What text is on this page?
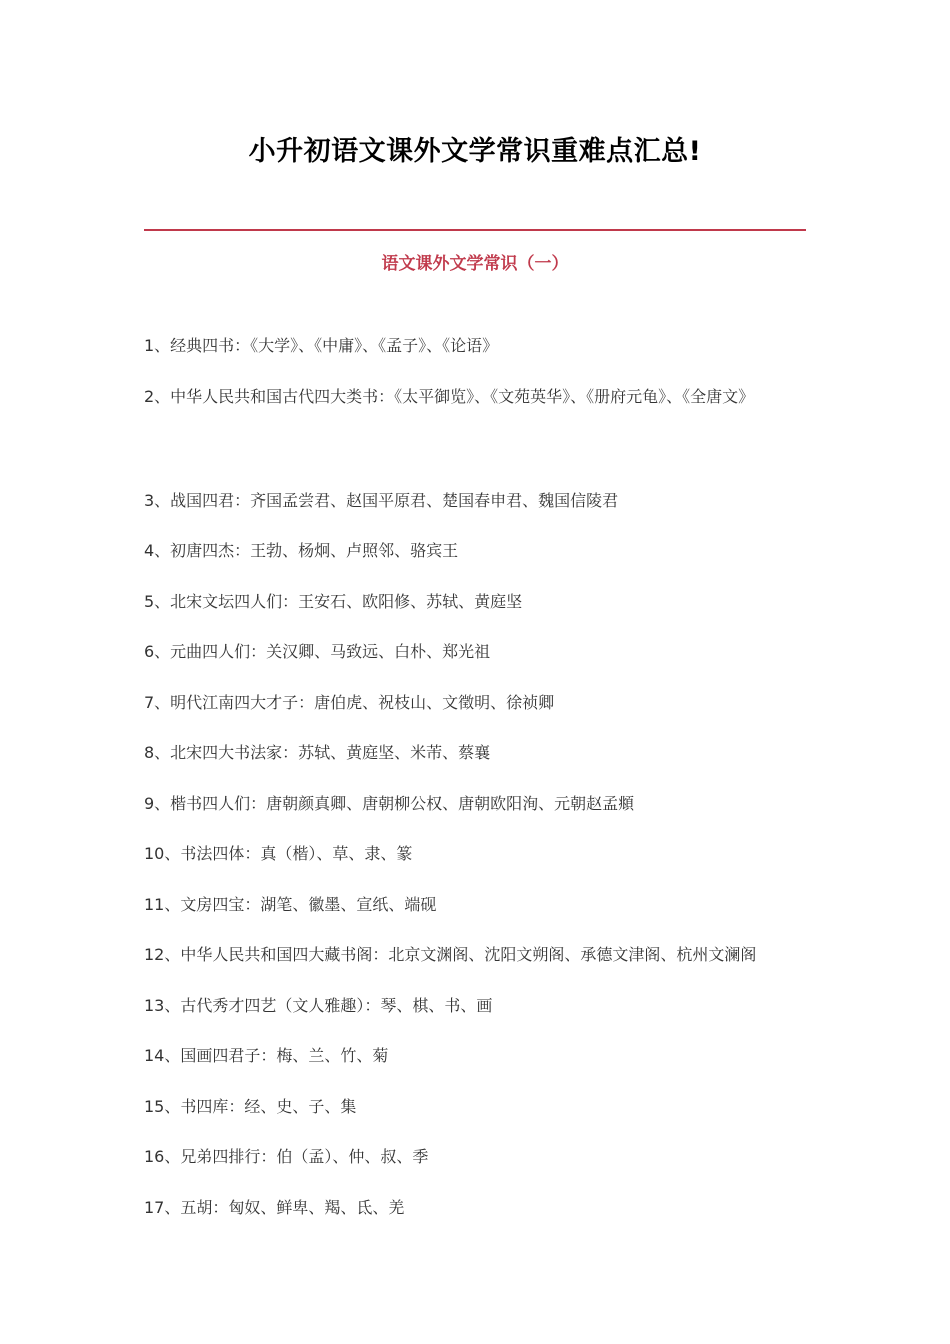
小升初语文课外文学常识重难点汇总!
语文课外文学常识（一）
1、经典四书：《大学》、《中庸》、《孟子》、《论语》
2、中华人民共和国古代四大类书：《太平御览》、《文苑英华》、《册府元龟》、《全唐文》
3、战国四君：齐国孟尝君、赵国平原君、楚国春申君、魏国信陵君
4、初唐四杰：王勃、杨炯、卢照邻、骆宾王
5、北宋文坛四人们：王安石、欧阳修、苏轼、黄庭坚
6、元曲四人们：关汉卿、马致远、白朴、郑光祖
7、明代江南四大才子：唐伯虎、祝枝山、文徵明、徐祯卿
8、北宋四大书法家：苏轼、黄庭坚、米芾、蔡襄
9、楷书四人们：唐朝颜真卿、唐朝柳公权、唐朝欧阳洵、元朝赵孟頫
10、书法四体：真（楷）、草、隶、篆
11、文房四宝：湖笔、徽墨、宣纸、端砚
12、中华人民共和国四大藏书阁：北京文渊阁、沈阳文朔阁、承德文津阁、杭州文澜阁
13、古代秀才四艺（文人雅趣）：琴、棋、书、画
14、国画四君子：梅、兰、竹、菊
15、书四库：经、史、子、集
16、兄弟四排行：伯（孟）、仲、叔、季
17、五胡：匈奴、鲜卑、羯、氐、羌
